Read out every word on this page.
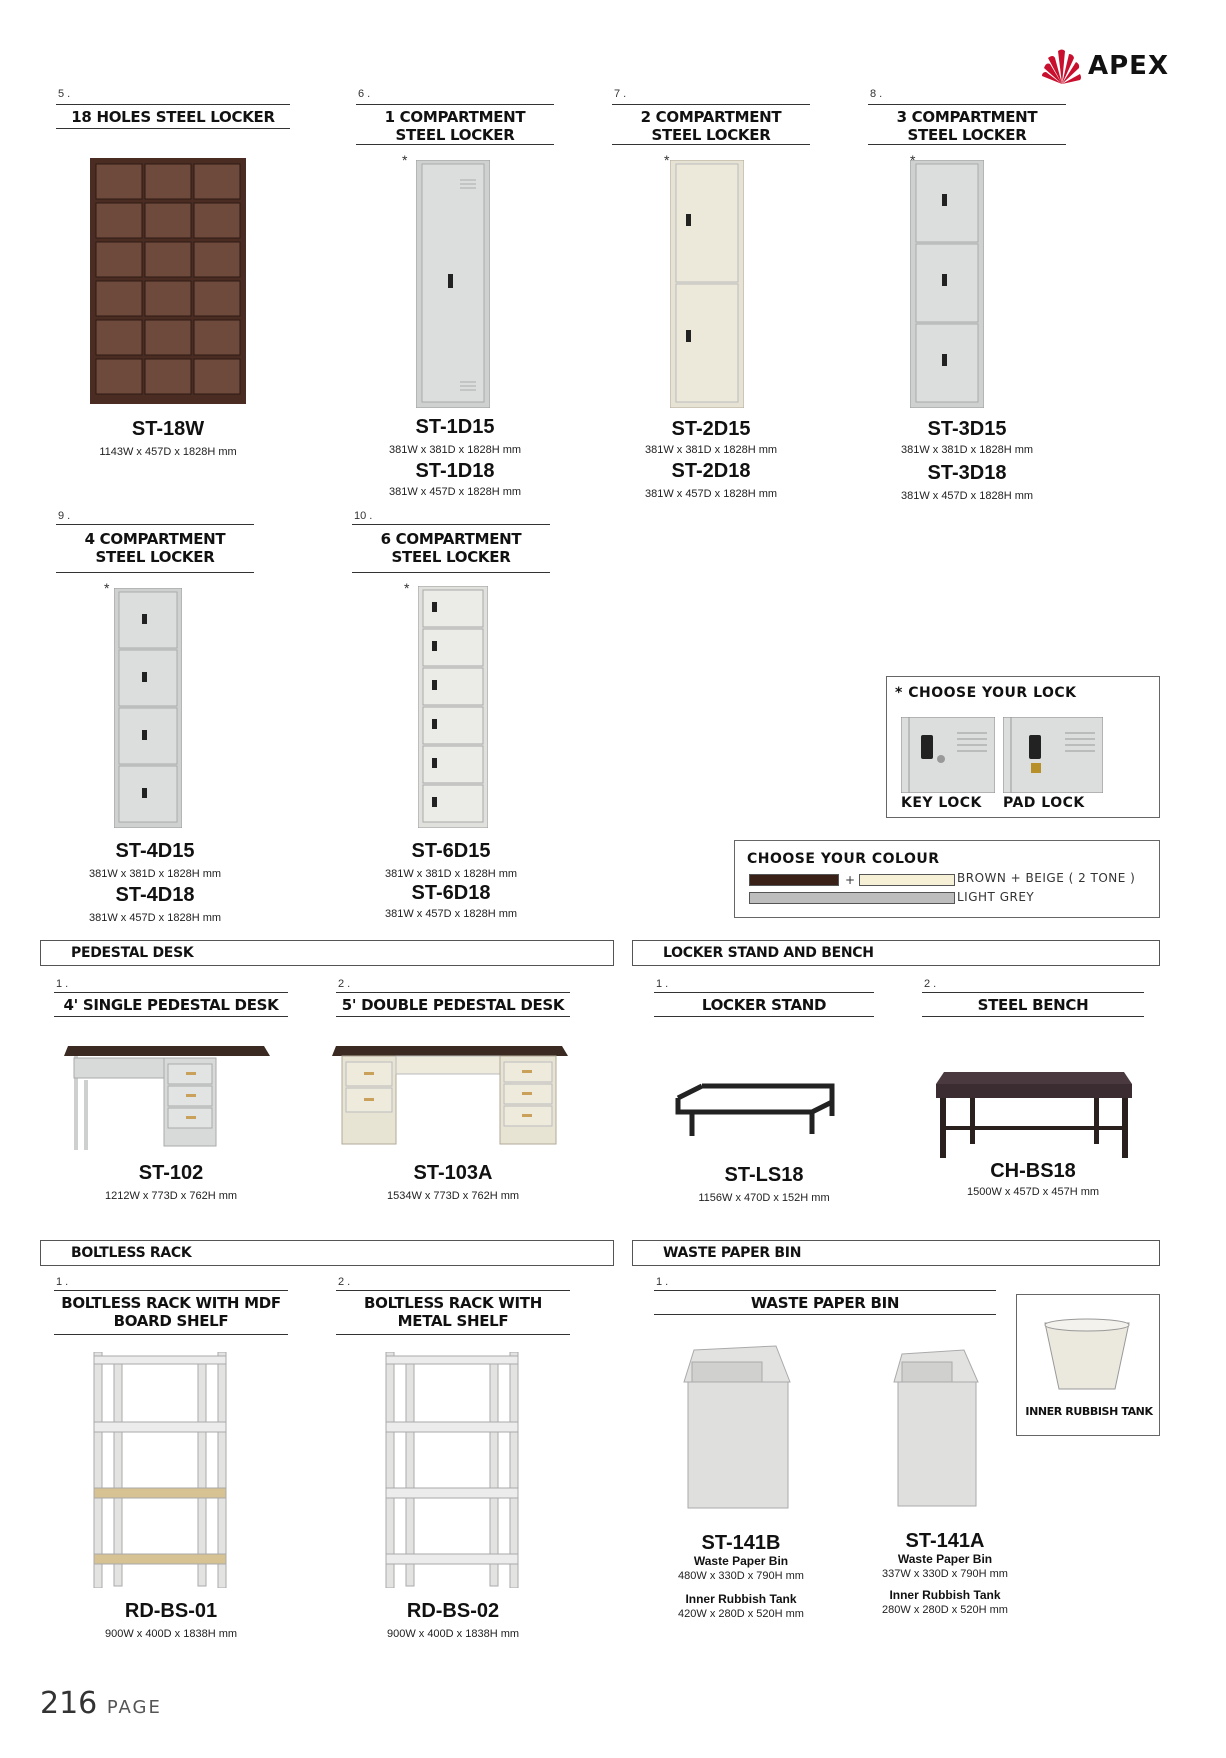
APEX
5 .
18 HOLES STEEL LOCKER
ST-18W
1143W x 457D x 1828H mm
6 .
1 COMPARTMENT
STEEL LOCKER
*
ST-1D15
381W x 381D x 1828H mm
ST-1D18
381W x 457D x 1828H mm
7 .
2 COMPARTMENT
STEEL LOCKER
*
ST-2D15
381W x 381D x 1828H mm
ST-2D18
381W x 457D x 1828H mm
8 .
3 COMPARTMENT
STEEL LOCKER
ST-3D15
381W x 381D x 1828H mm
ST-3D18
381W x 457D x 1828H mm
9 .
4 COMPARTMENT
STEEL LOCKER
*
ST-4D15
381W x 381D x 1828H mm
ST-4D18
381W x 457D x 1828H mm
10 .
6 COMPARTMENT
STEEL LOCKER
*
ST-6D15
381W x 381D x 1828H mm
ST-6D18
381W x 457D x 1828H mm
* CHOOSE YOUR LOCK
KEY LOCK PAD LOCK
CHOOSE YOUR COLOUR
+	BROWN + BEIGE ( 2 TONE )
LIGHT GREY
PEDESTAL DESK	LOCKER STAND AND BENCH
1 .
4' SINGLE PEDESTAL DESK
ST-102
1212W x 773D x 762H mm
2 .
5' DOUBLE PEDESTAL DESK
ST-103A
1534W x 773D x 762H mm
1 .
LOCKER STAND
ST-LS18
1156W x 470D x 152H mm
2 .
STEEL BENCH
CH-BS18
1500W x 457D x 457H mm
BOLTLESS RACK	WASTE PAPER BIN
1 .
BOLTLESS RACK WITH MDF
BOARD SHELF
RD-BS-01
900W x 400D x 1838H mm
2 .
BOLTLESS RACK WITH
METAL SHELF
RD-BS-02
900W x 400D x 1838H mm
1 .
WASTE PAPER BIN
INNER RUBBISH TANK
ST-141B
Waste Paper Bin
480W x 330D x 790H mm
Inner Rubbish Tank
420W x 280D x 520H mm
ST-141A
Waste Paper Bin
337W x 330D x 790H mm
Inner Rubbish Tank
280W x 280D x 520H mm
216 PAGE
